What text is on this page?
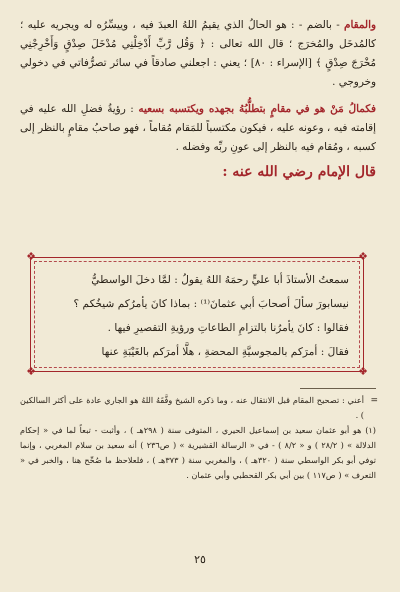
والمقام - بالضم - : هو الحالُ الذي يقيمُ اللهُ العبدَ فيه ، وييسِّرُه له ويجريه عليه ؛ كالمُدخَل والمُخرَج ؛ قال الله تعالى : ﴿ وَقُل رَّبِّ أَدْخِلْنِي مُدْخَلَ صِدْقٍ وَأَخْرِجْنِي مُخْرَجَ صِدْقٍ ﴾ [الإسراء : ٨٠] ؛ يعني : اجعلني صادقاً في سائر تصرُّفاتي في دخولي وخروجي .

فكمالُ مَنْ هو في مقامٍ بتطلُّبُهُ بجهده ويكتسبه بسعيه : رؤيةُ فضلِ الله عليه في إقامته فيه ، وعونه عليه ، فيكون مكتسباً للمَقام مُقاماً ، فهو صاحبُ مقامٍ بالنظر إلى كسبه ، ومُقام فيه بالنظر إلى عونِ ربِّه وفضله .

قال الإمام رضي الله عنه :
❖	❖
❖	❖

سمعتُ الأستاذَ أبا عليٍّ رحمَهُ اللهُ يقولُ : لمَّا دخلَ الواسطيُّ

نيسابورَ سألَ أصحابَ أبي عثمانَ⁽¹⁾ : بماذا كانَ يأمرُكم شيخُكم ؟

فقالوا : كانَ يأمرُنا بالتزامِ الطاعاتِ ورؤيةِ التقصيرِ فيها .

فقالَ : أمرَكم بالمجوسيَّةِ المحضةِ ، هلَّا أمرَكم بالغَيْبَةِ عنها

=

أعني : تصحيح المقام قبل الانتقال عنه ، وما ذكره الشيخ وفَّقَهُ اللهُ هو الجاري عادة على أكثر السالكين ) .

(١) هو أبو عثمان سعيد بن إسماعيل الحيري ، المتوفى سنة ( ٢٩٨هـ ) ، وأثبت - تبعاً لما في « إحكام الدلالة » ( ٢٨/٢ ) و « ٨/٢ ) - في « الرسالة القشيرية » ( ص٢٣٦ ) أنه سعيد بن سلام المغربي ، وإنما توفي أبو بكر الواسطي سنة ( ٣٢٠هـ ) ، والمغربي سنة ( ٣٧٣هـ ) ، فلعلاحظ ما صُحِّح هنا ، والخبر في « التعرف » ( ص١١٧ ) بين أبي بكر القحطبي وأبي عثمان .

٢٥
